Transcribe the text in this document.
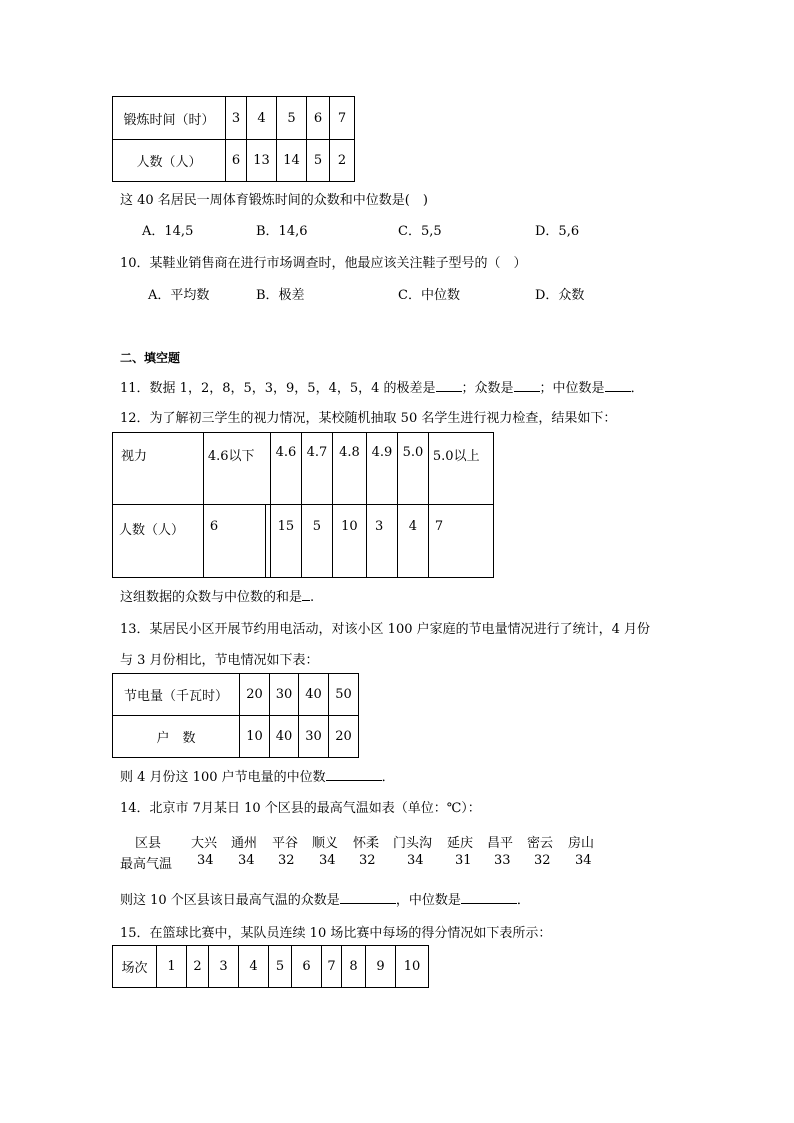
锻炼时间（时）	3	4	5	6	7
人数（人）	6	13	14	5	2
这 40 名居民一周体育锻炼时间的众数和中位数是(　)
A．14,5	B．14,6	C．5,5	D．5,6
10．某鞋业销售商在进行市场调查时，他最应该关注鞋子型号的（　）
A．平均数	B．极差	C．中位数	D．众数
二、填空题
11．数据 1，2，8，5，3，9，5，4，5，4 的极差是 ；众数是 ；中位数是 ．
12．为了解初三学生的视力情况，某校随机抽取 50 名学生进行视力检查，结果如下：
视力	4.6以下		4.6	4.7	4.8	4.9	5.0	5.0以上
人数（人）	6		15	5	10	3	4	7
这组数据的众数与中位数的和是 .
13．某居民小区开展节约用电活动，对该小区 100 户家庭的节电量情况进行了统计，4 月份
与 3 月份相比，节电情况如下表：
节电量（千瓦时）	20	30	40	50
户　数	10	40	30	20
则 4 月份这 100 户节电量的中位数	．
14．北京市 7月某日 10 个区县的最高气温如表（单位：℃）：
区县 大兴 通州 平谷 顺义 怀柔 门头沟 延庆 昌平 密云 房山
最高气温 34 34 32 34 32 34 31 33 32 34
则这 10 个区县该日最高气温的众数是	，中位数是	．
15．在篮球比赛中，某队员连续 10 场比赛中每场的得分情况如下表所示：
场次	1	2	3	4	5	6	7	8	9	10
